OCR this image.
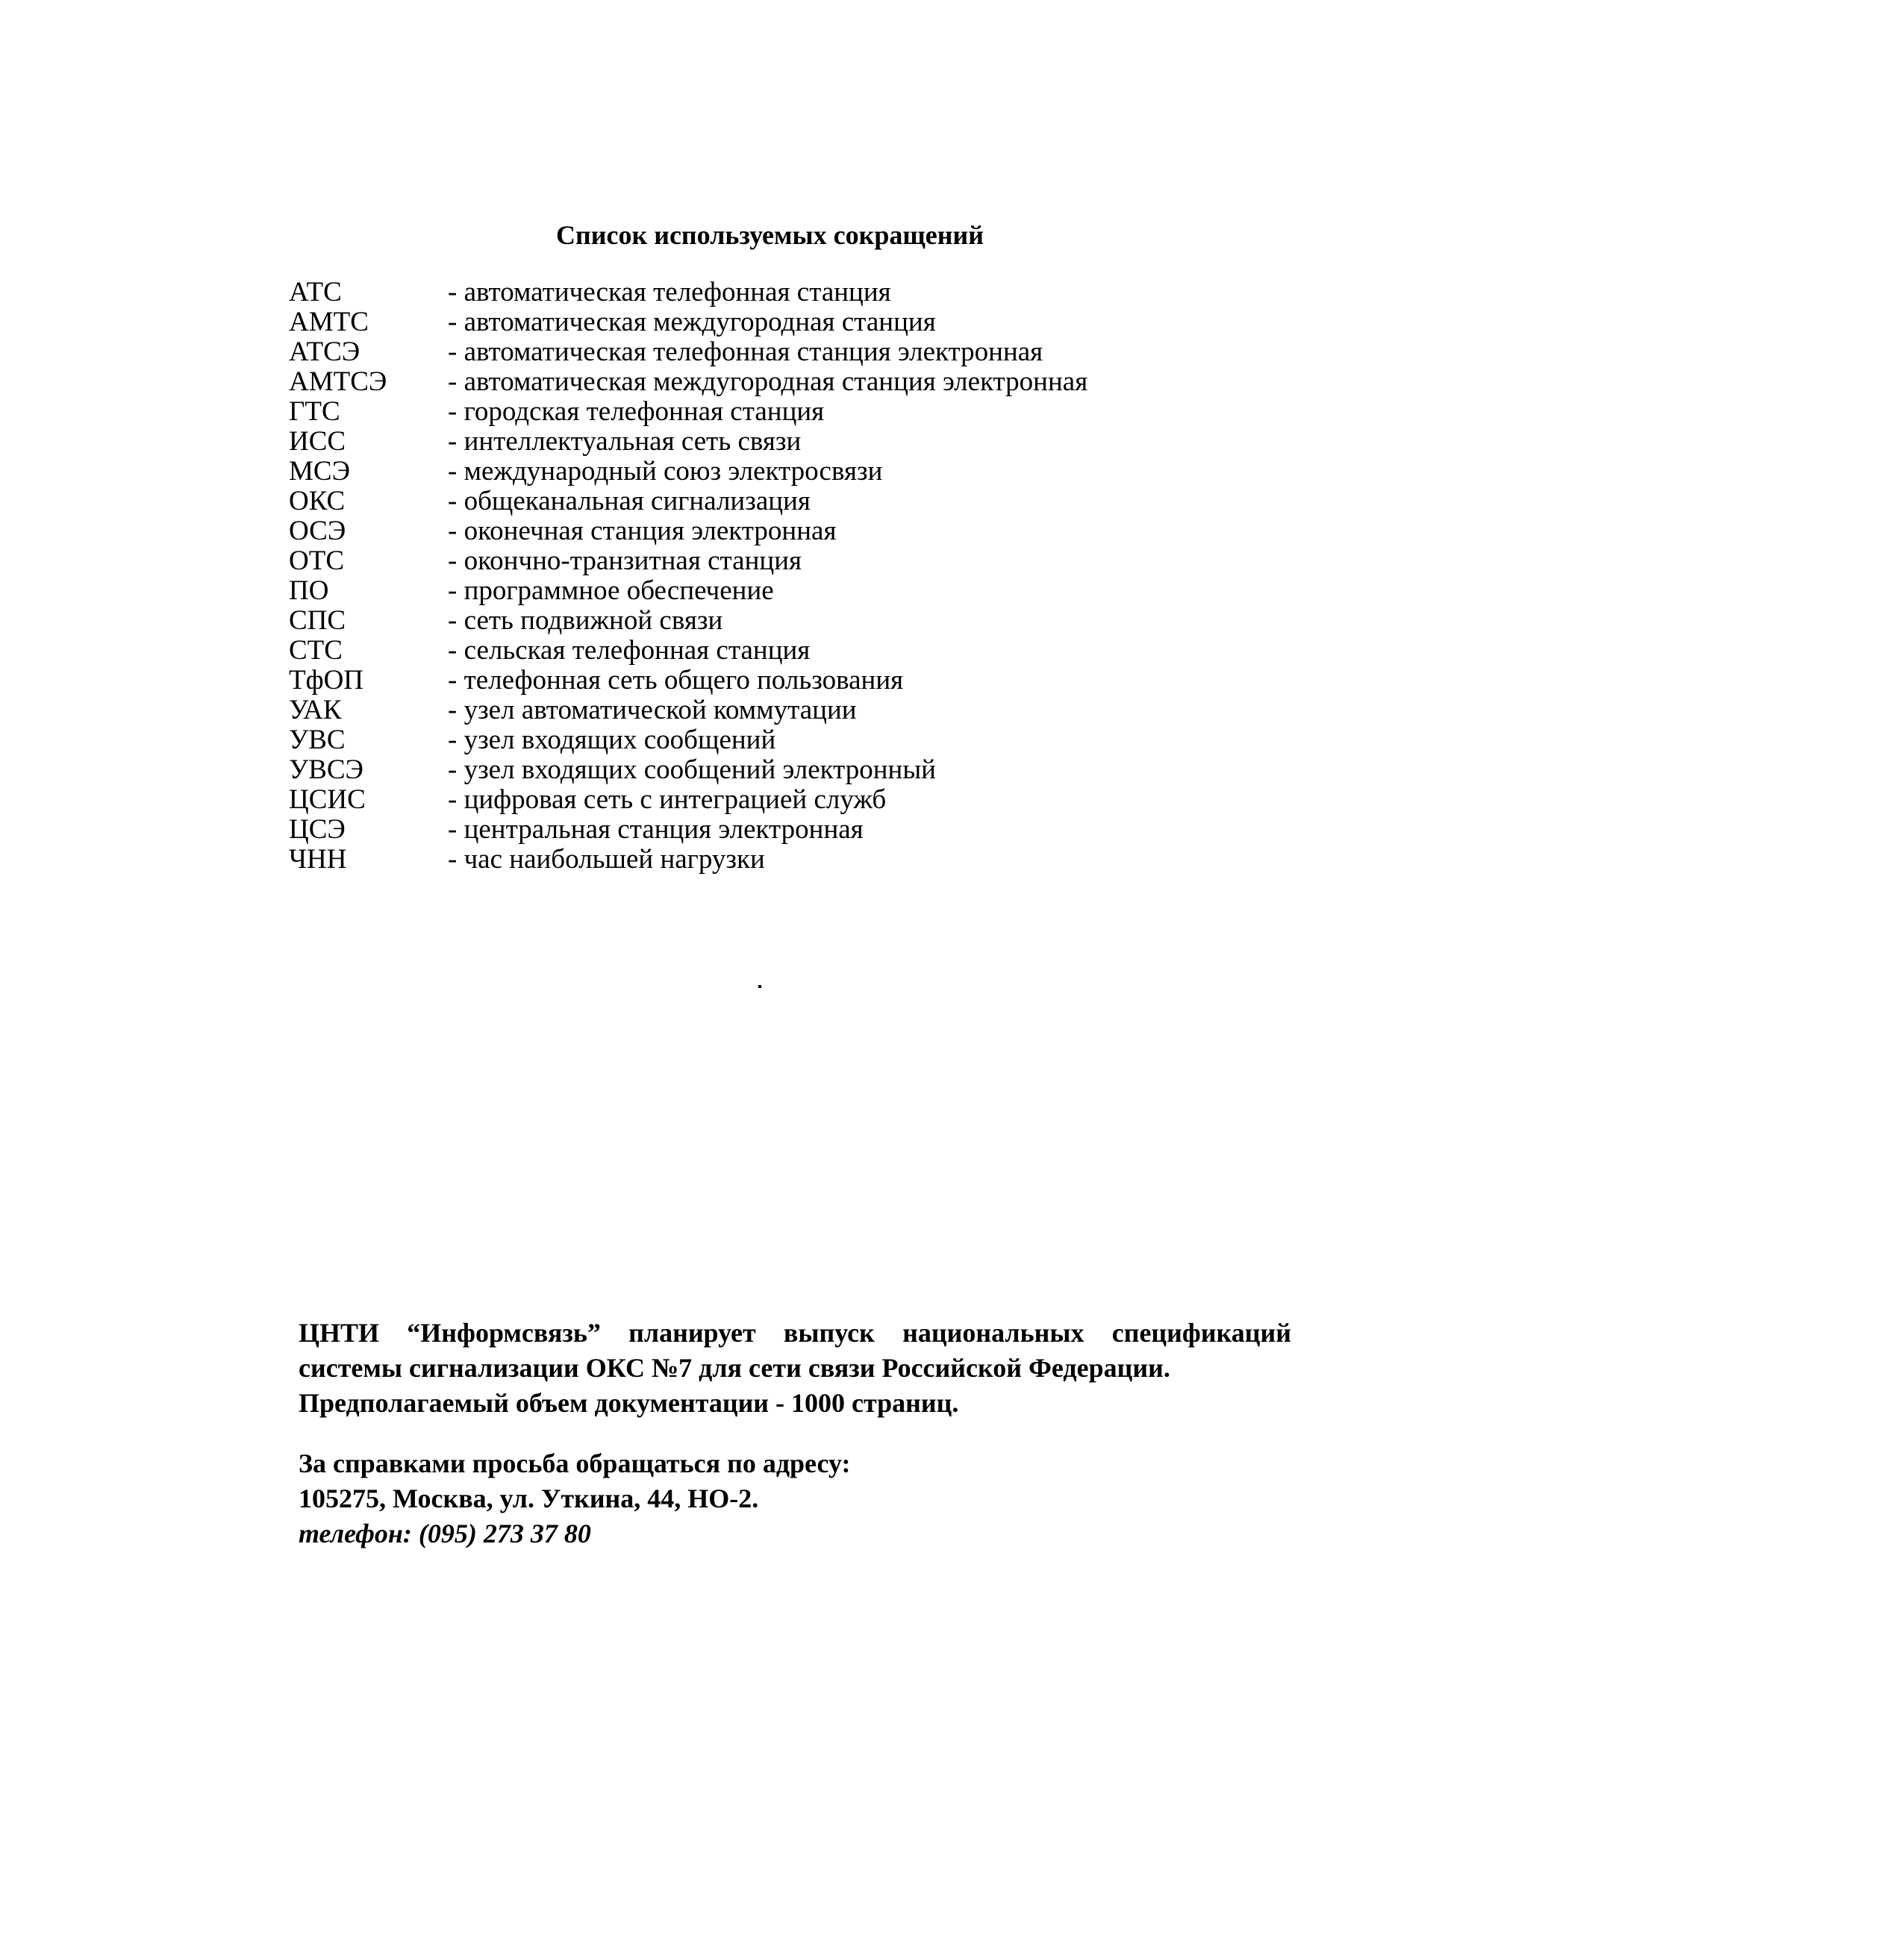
Список используемых сокращений
АТС	- автоматическая телефонная станция
АМТС	- автоматическая междугородная станция
АТСЭ	- автоматическая телефонная станция электронная
АМТСЭ - автоматическая междугородная станция электронная
ГТС	- городская телефонная станция
ИСС	- интеллектуальная сеть связи
МСЭ	- международный союз электросвязи
ОКС	- общеканальная сигнализация
ОСЭ	- оконечная станция электронная
ОТС	- окончно-транзитная станция
ПО	- программное обеспечение
СПС	- сеть подвижной связи
СТС	- сельская телефонная станция
ТфОП	- телефонная сеть общего пользования
УАК	- узел автоматической коммутации
УВС	- узел входящих сообщений
УВСЭ	- узел входящих сообщений электронный
ЦСИС	- цифровая сеть с интеграцией служб
ЦСЭ	- центральная станция электронная
ЧНН	- час наибольшей нагрузки
ЦНТИ “Информсвязь” планирует выпуск национальных спецификаций
системы сигнализации ОКС №7 для сети связи Российской Федерации.
Предполагаемый объем документации - 1000 страниц.
За справками просьба обращаться по адресу:
105275, Москва, ул. Уткина, 44, НО-2.
телефон: (095) 273 37 80
